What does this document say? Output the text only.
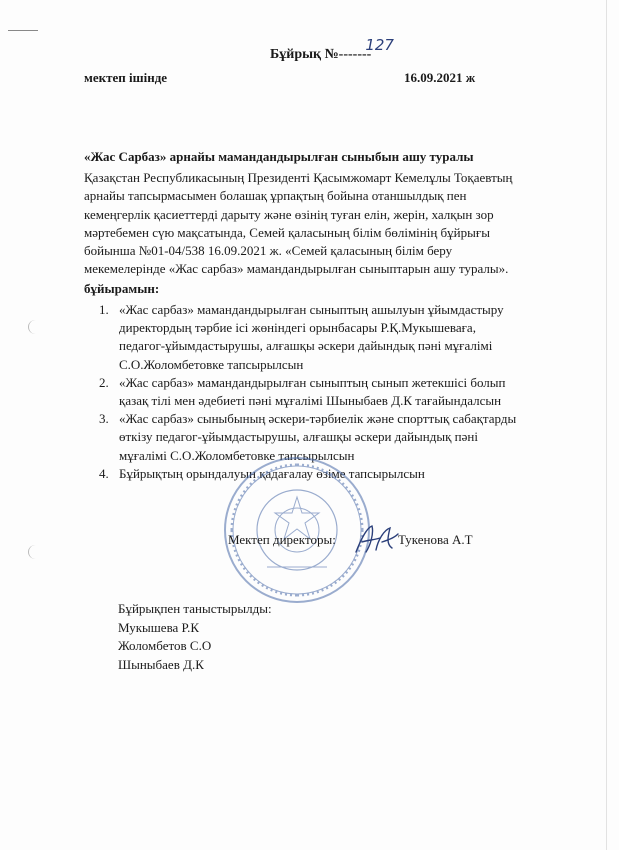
Бұйрық №-------127
мектеп ішінде	16.09.2021 ж
«Жас Сарбаз» арнайы мамандандырылған сыныбын ашу туралы
Қазақстан Республикасының Президенті Қасымжомарт Кемелұлы Тоқаевтың
арнайы тапсырмасымен болашақ ұрпақтың бойына отаншылдық пен
кемеңгерлік қасиеттерді дарыту және өзінің туған елін, жерін, халқын зор
мәртебемен сүю мақсатында, Семей қаласының білім бөлімінің бұйрығы
бойынша №01-04/538 16.09.2021 ж. «Семей қаласының білім беру
мекемелерінде «Жас сарбаз» мамандандырылған сыныптарын ашу туралы».
бұйырамын:
1. «Жас сарбаз» мамандандырылған сыныптың ашылуын ұйымдастыру
директордың тәрбие ісі жөніндегі орынбасары Р.Қ.Мукышеваға,
педагог-ұйымдастырушы, алғашқы әскери дайындық пәні мұғалімі
С.О.Жоломбетовке тапсырылсын
2. «Жас сарбаз» мамандандырылған сыныптың сынып жетекшісі болып
қазақ тілі мен әдебиеті пәні мұғалімі Шыныбаев Д.К тағайындалсын
3. «Жас сарбаз» сыныбының әскери-тәрбиелік және спорттық сабақтарды
өткізу педагог-ұйымдастырушы, алғашқы әскери дайындық пәні
мұғалімі С.О.Жоломбетовке тапсырылсын
4. Бұйрықтың орындалуын қадағалау өзіме тапсырылсын
Мектеп директоры:	Тукенова А.Т
Бұйрықпен таныстырылды:
Мукышева Р.К
Жоломбетов С.О
Шыныбаев Д.К
